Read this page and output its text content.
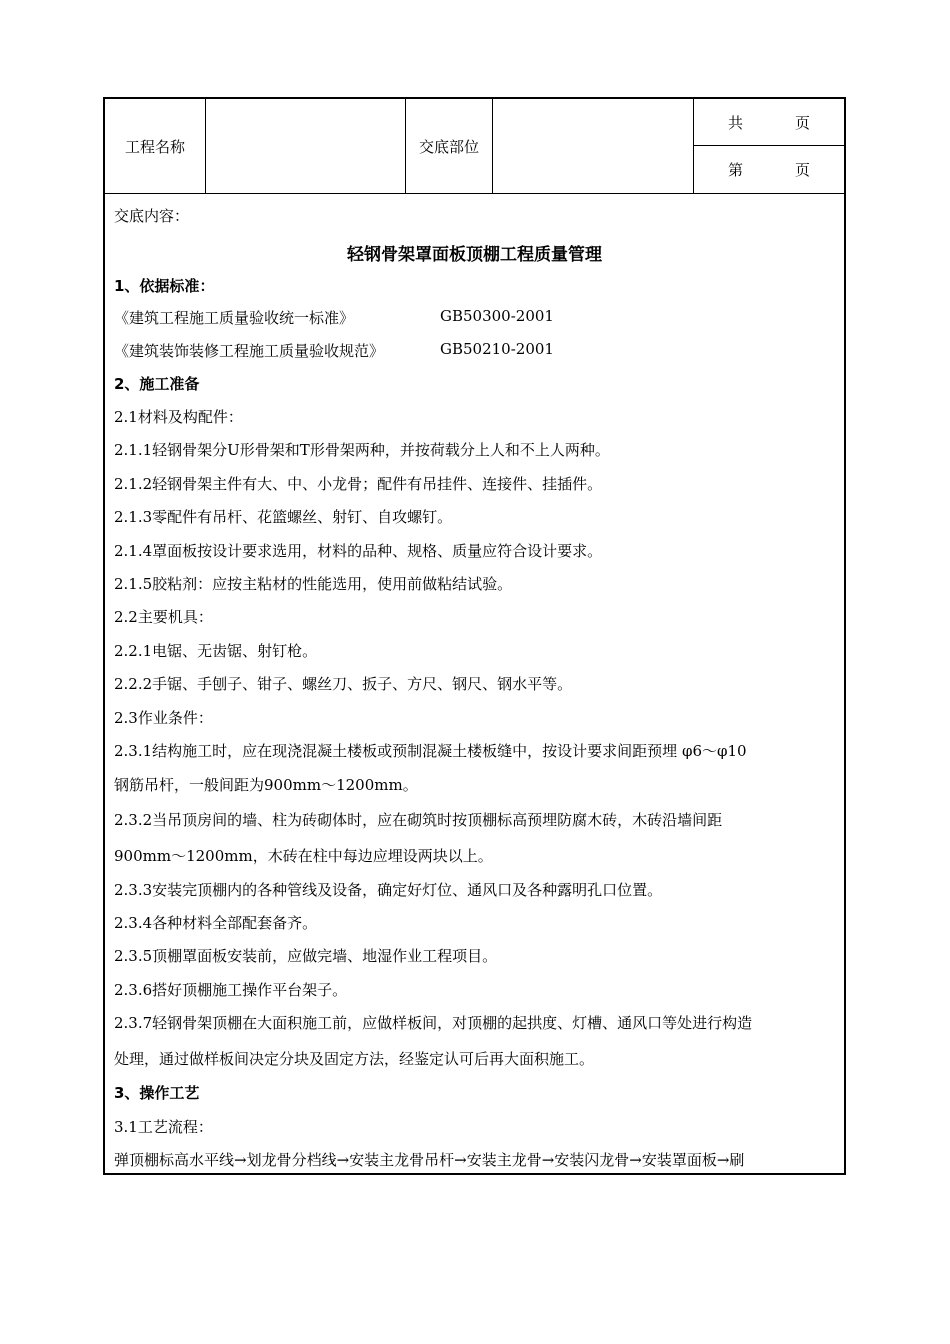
工程名称	交底部位
共	页
第	页
交底内容：
轻钢骨架罩面板顶棚工程质量管理
1、依据标准：
《建筑工程施工质量验收统一标准》	GB50300-2001
《建筑装饰装修工程施工质量验收规范》	GB50210-2001
2、施工准备
2.1材料及构配件：
2.1.1轻钢骨架分U形骨架和T形骨架两种，并按荷载分上人和不上人两种。
2.1.2轻钢骨架主件有大、中、小龙骨；配件有吊挂件、连接件、挂插件。
2.1.3零配件有吊杆、花篮螺丝、射钉、自攻螺钉。
2.1.4罩面板按设计要求选用，材料的品种、规格、质量应符合设计要求。
2.1.5胶粘剂：应按主粘材的性能选用，使用前做粘结试验。
2.2主要机具：
2.2.1电锯、无齿锯、射钉枪。
2.2.2手锯、手刨子、钳子、螺丝刀、扳子、方尺、钢尺、钢水平等。
2.3作业条件：
2.3.1结构施工时，应在现浇混凝土楼板或预制混凝土楼板缝中，按设计要求间距预埋 φ6～φ10
钢筋吊杆，一般间距为900mm～1200mm。
2.3.2当吊顶房间的墙、柱为砖砌体时，应在砌筑时按顶棚标高预埋防腐木砖，木砖沿墙间距
900mm～1200mm，木砖在柱中每边应埋设两块以上。
2.3.3安装完顶棚内的各种管线及设备，确定好灯位、通风口及各种露明孔口位置。
2.3.4各种材料全部配套备齐。
2.3.5顶棚罩面板安装前，应做完墙、地湿作业工程项目。
2.3.6搭好顶棚施工操作平台架子。
2.3.7轻钢骨架顶棚在大面积施工前，应做样板间，对顶棚的起拱度、灯槽、通风口等处进行构造
处理，通过做样板间决定分块及固定方法，经鉴定认可后再大面积施工。
3、操作工艺
3.1工艺流程：
弹顶棚标高水平线→划龙骨分档线→安装主龙骨吊杆→安装主龙骨→安装闪龙骨→安装罩面板→刷
